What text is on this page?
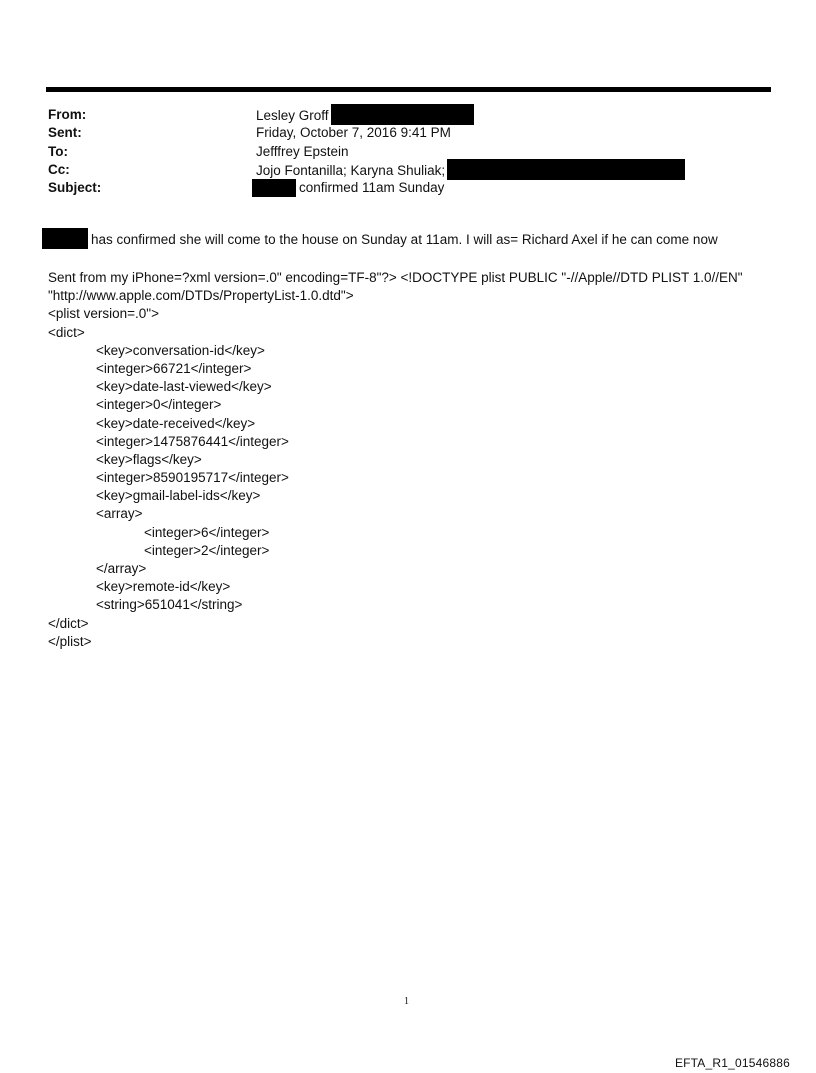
From:	Lesley Groff
Sent:	Friday, October 7, 2016 9:41 PM
To:	Jefffrey Epstein
Cc:	Jojo Fontanilla; Karyna Shuliak;
Subject:	confirmed 11am Sunday
has confirmed she will come to the house on Sunday at 11am. I will as= Richard Axel if he can come now
Sent from my iPhone=?xml version=.0" encoding=TF-8"?> <!DOCTYPE plist PUBLIC "-//Apple//DTD PLIST 1.0//EN"
"http://www.apple.com/DTDs/PropertyList-1.0.dtd">
<plist version=.0">
<dict>
<key>conversation-id</key>
<integer>66721</integer>
<key>date-last-viewed</key>
<integer>0</integer>
<key>date-received</key>
<integer>1475876441</integer>
<key>flags</key>
<integer>8590195717</integer>
<key>gmail-label-ids</key>
<array>
<integer>6</integer>
<integer>2</integer>
</array>
<key>remote-id</key>
<string>651041</string>
</dict>
</plist>
1
EFTA_R1_01546886
